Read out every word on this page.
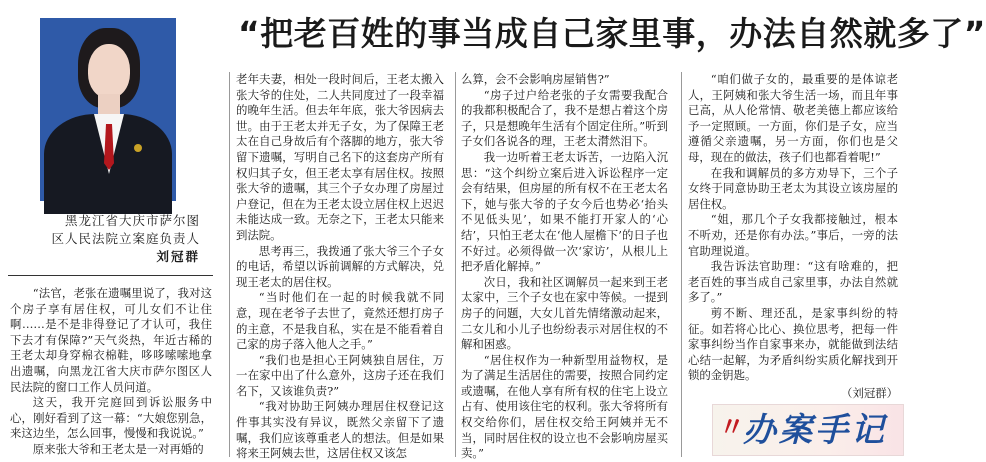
“把老百姓的事当成自己家里事，办法自然就多了”
黑龙江省大庆市萨尔图
区人民法院立案庭负责人
刘冠群

“法官，老张在遗嘱里说了，我对这个房子享有居住权，可儿女们不让住啊……是不是非得登记了才认可，我住下去才有保障?”天气炎热，年近古稀的王老太却身穿棉衣棉鞋，哆哆嗦嗦地拿出遗嘱，向黑龙江省大庆市萨尔图区人民法院的窗口工作人员问道。

这天，我开完庭回到诉讼服务中心，刚好看到了这一幕：“大娘您别急，来这边坐，怎么回事，慢慢和我说说。”

原来张大爷和王老太是一对再婚的

老年夫妻，相处一段时间后，王老太搬入张大爷的住处，二人共同度过了一段幸福的晚年生活。但去年年底，张大爷因病去世。由于王老太并无子女，为了保障王老太在自己身故后有个落脚的地方，张大爷留下遗嘱，写明自己名下的这套房产所有权归其子女，但王老太享有居住权。按照张大爷的遗嘱，其三个子女办理了房屋过户登记，但在为王老太设立居住权上迟迟未能达成一致。无奈之下，王老太只能来到法院。

思考再三，我拨通了张大爷三个子女的电话，希望以诉前调解的方式解决，兑现王老太的居住权。

“当时他们在一起的时候我就不同意，现在老爷子去世了，竟然还想打房子的主意，不是我自私，实在是不能看着自己家的房子落入他人之手。”

“我们也是担心王阿姨独自居住，万一在家中出了什么意外，这房子还在我们名下，又该谁负责?”

“我对协助王阿姨办理居住权登记这件事其实没有异议，既然父亲留下了遗嘱，我们应该尊重老人的想法。但是如果将来王阿姨去世，这居住权又该怎

么算，会不会影响房屋销售?”

“房子过户给老张的子女需要我配合的我都积极配合了，我不是想占着这个房子，只是想晚年生活有个固定住所。”听到子女们各说各的理，王老太潸然泪下。

我一边听着王老太诉苦，一边陷入沉思：“这个纠纷立案后进入诉讼程序一定会有结果，但房屋的所有权不在王老太名下，她与张大爷的子女今后也势必‘抬头不见低头见’，如果不能打开家人的‘心结’，只怕王老太在‘他人屋檐下’的日子也不好过。必须得做一次‘家访’，从根儿上把矛盾化解掉。”

次日，我和社区调解员一起来到王老太家中，三个子女也在家中等候。一提到房子的问题，大女儿首先情绪激动起来，二女儿和小儿子也纷纷表示对居住权的不解和困惑。

“居住权作为一种新型用益物权，是为了满足生活居住的需要，按照合同约定或遗嘱，在他人享有所有权的住宅上设立占有、使用该住宅的权利。张大爷将所有权交给你们，居住权交给王阿姨并无不当，同时居住权的设立也不会影响房屋买卖。”

“咱们做子女的，最重要的是体谅老人，王阿姨和张大爷生活一场，而且年事已高，从人伦常情、敬老美德上都应该给予一定照顾。一方面，你们是子女，应当遵循父亲遗嘱，另一方面，你们也是父母，现在的做法，孩子们也都看着呢!”

在我和调解员的多方劝导下，三个子女终于同意协助王老太为其设立该房屋的居住权。

“姐，那几个子女我都接触过，根本不听劝，还是你有办法。”事后，一旁的法官助理说道。

我告诉法官助理：“这有啥难的，把老百姓的事当成自己家里事，办法自然就多了。”

剪不断、理还乱，是家事纠纷的特征。如若将心比心、换位思考，把每一件家事纠纷当作自家事来办，就能做到法结心结一起解，为矛盾纠纷实质化解找到开锁的金钥匙。

（刘冠群）

〃
办案手记
